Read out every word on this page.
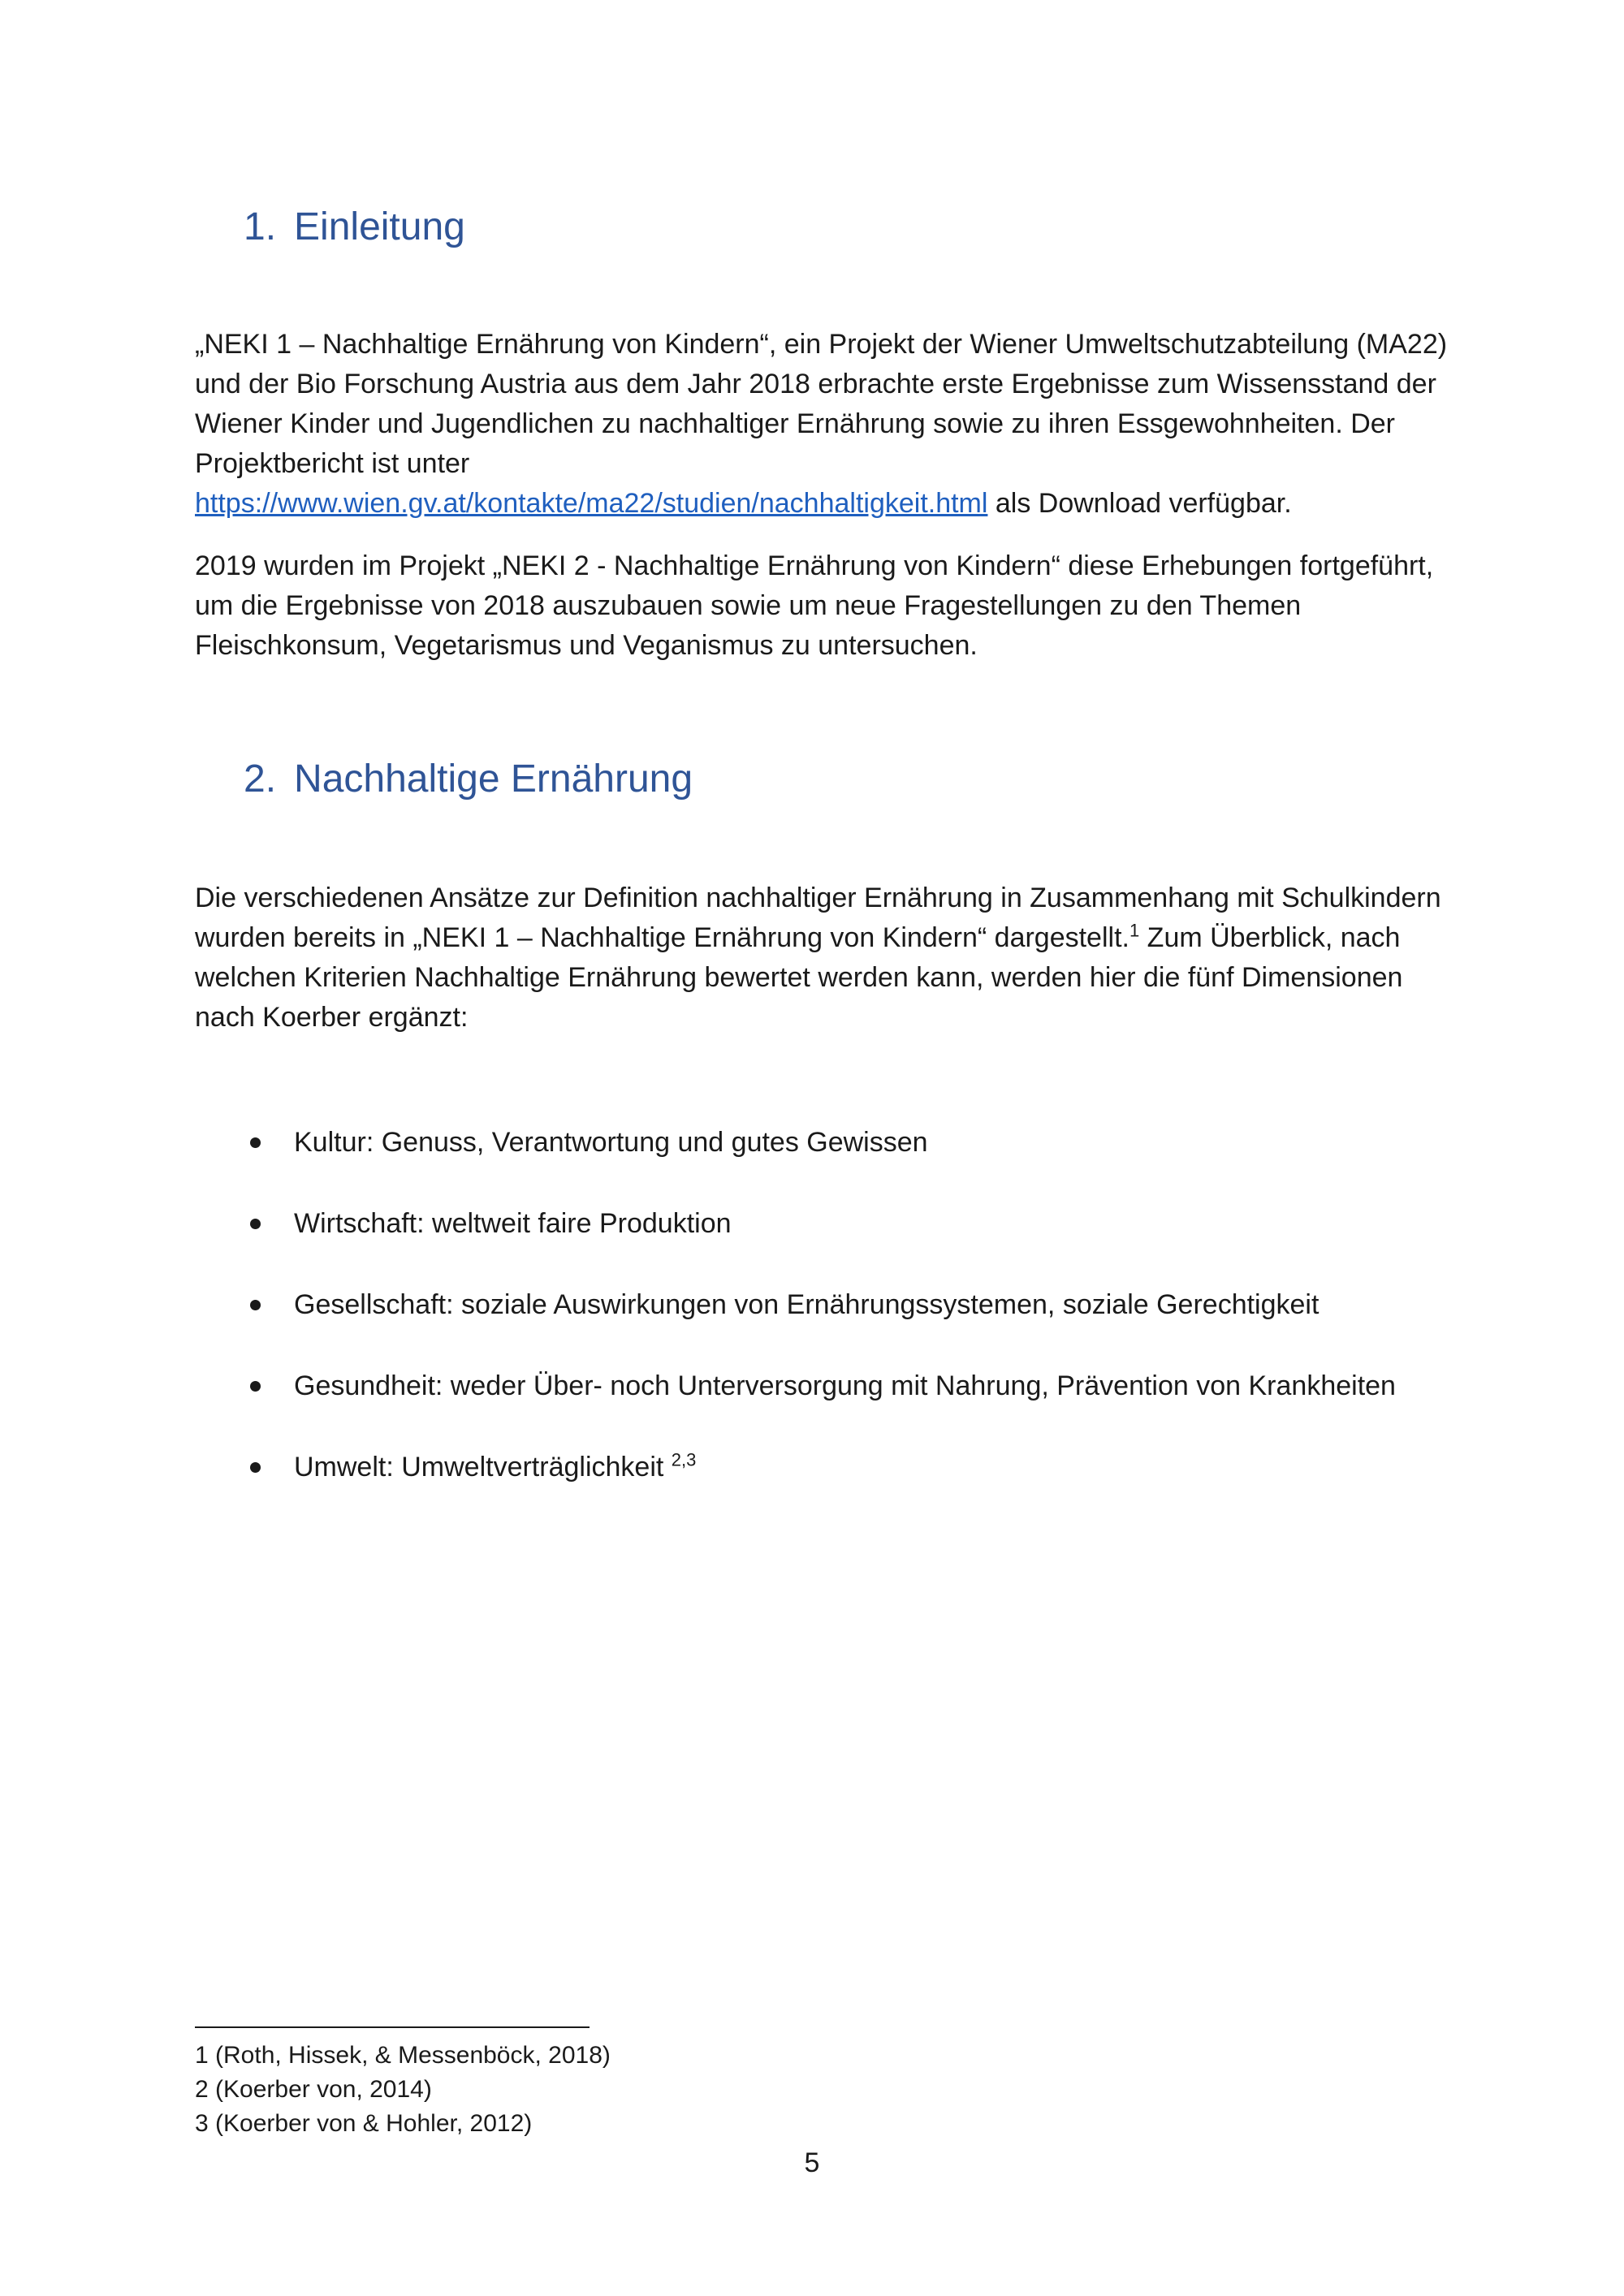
1. Einleitung

„NEKI 1 – Nachhaltige Ernährung von Kindern“, ein Projekt der Wiener Umweltschutzabteilung (MA22) und der Bio Forschung Austria aus dem Jahr 2018 erbrachte erste Ergebnisse zum Wissensstand der Wiener Kinder und Jugendlichen zu nachhaltiger Ernährung sowie zu ihren Essgewohnheiten. Der Projektbericht ist unter
https://www.wien.gv.at/kontakte/ma22/studien/nachhaltigkeit.html als Download verfügbar.

2019 wurden im Projekt „NEKI 2 - Nachhaltige Ernährung von Kindern“ diese Erhebungen fortgeführt, um die Ergebnisse von 2018 auszubauen sowie um neue Fragestellungen zu den Themen Fleischkonsum, Vegetarismus und Veganismus zu untersuchen.

2. Nachhaltige Ernährung

Die verschiedenen Ansätze zur Definition nachhaltiger Ernährung in Zusammenhang mit Schulkindern wurden bereits in „NEKI 1 – Nachhaltige Ernährung von Kindern“ dargestellt.$^1$ Zum Überblick, nach welchen Kriterien Nachhaltige Ernährung bewertet werden kann, werden hier die fünf Dimensionen nach Koerber ergänzt:

Kultur: Genuss, Verantwortung und gutes Gewissen
Wirtschaft: weltweit faire Produktion
Gesellschaft: soziale Auswirkungen von Ernährungssystemen, soziale Gerechtigkeit
Gesundheit: weder Über- noch Unterversorgung mit Nahrung, Prävention von Krankheiten
Umwelt: Umweltverträglichkeit $^{2,3}$
1 (Roth, Hissek, & Messenböck, 2018)
2 (Koerber von, 2014)
3 (Koerber von & Hohler, 2012)
5
